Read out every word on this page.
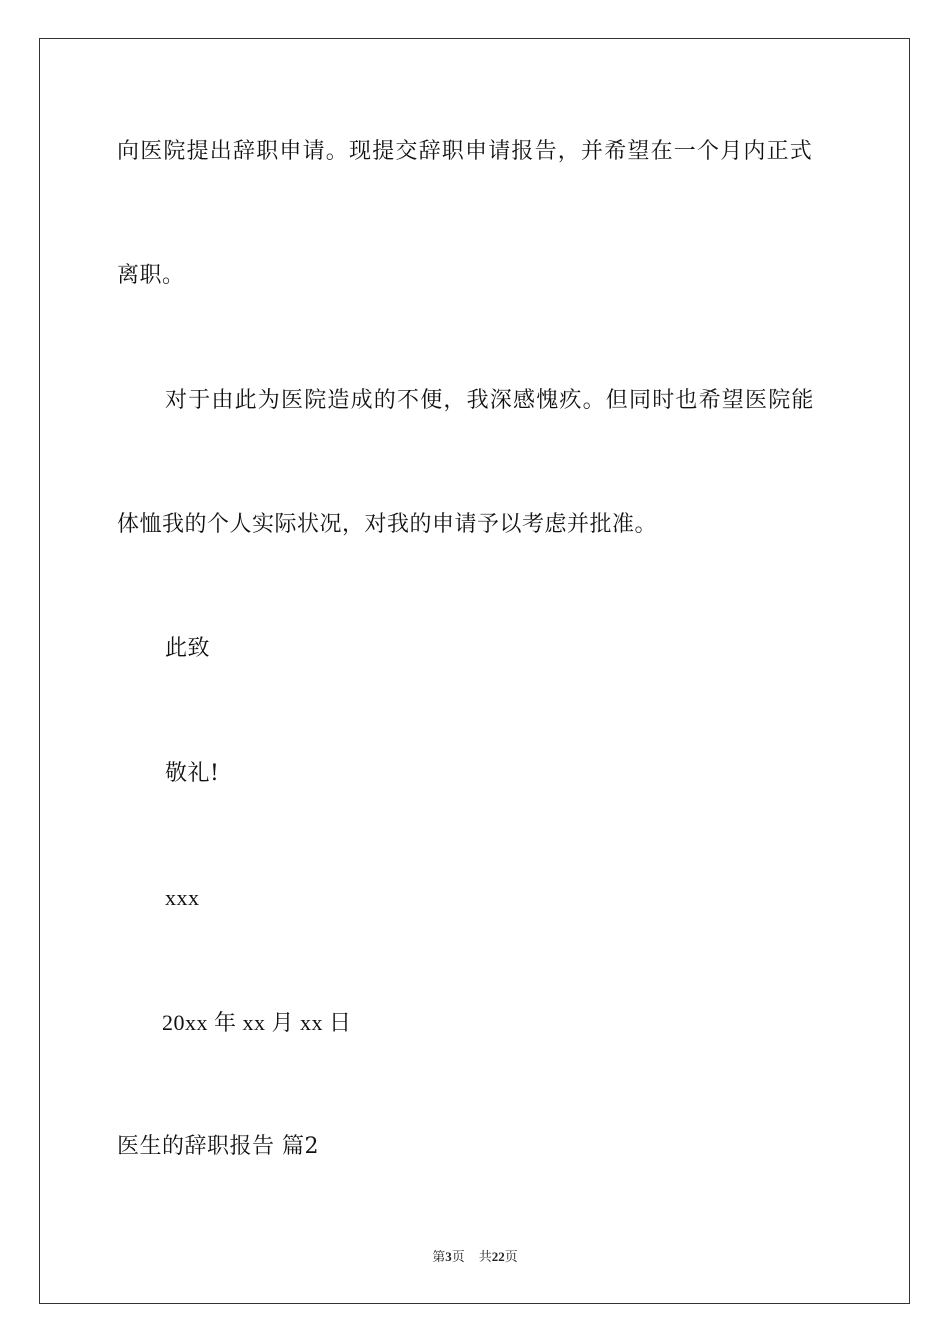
向医院提出辞职申请。现提交辞职申请报告，并希望在一个月内正式
离职。
对于由此为医院造成的不便，我深感愧疚。但同时也希望医院能
体恤我的个人实际状况，对我的申请予以考虑并批准。
此致
敬礼!
xxx
20xx 年 xx 月 xx 日
医生的辞职报告 篇2
第3页 共22页
